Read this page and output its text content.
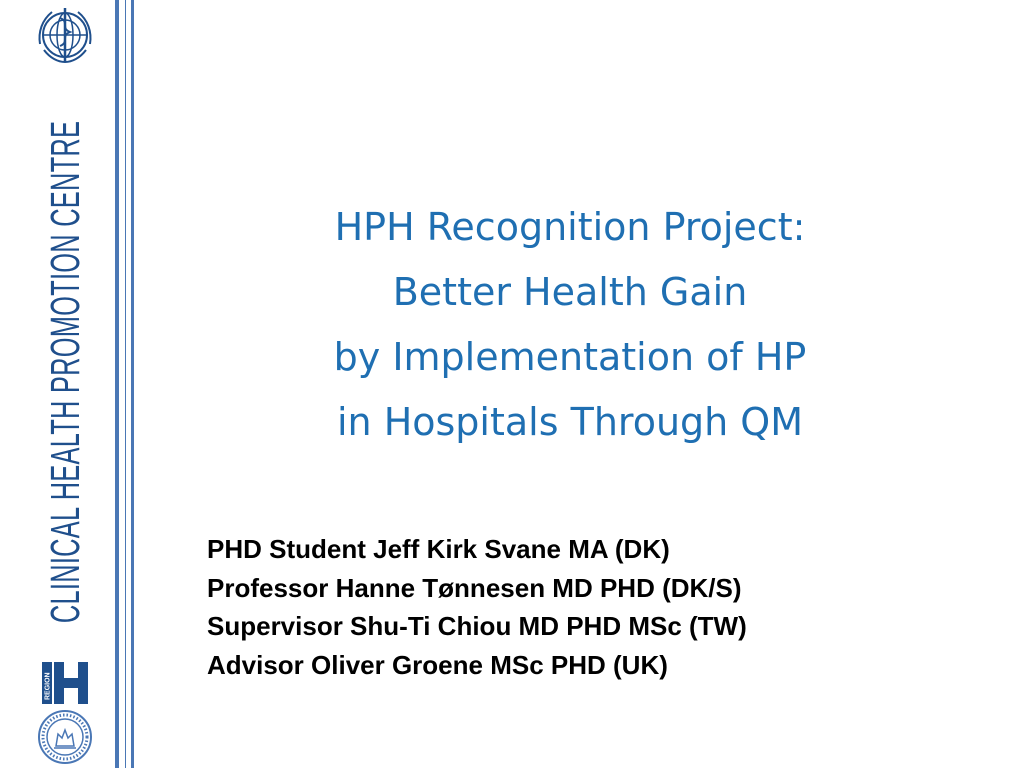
CLINICAL HEALTH PROMOTION CENTRE
REGION
HPH Recognition Project:
Better Health Gain
by Implementation of HP
in Hospitals Through QM
PHD Student Jeff Kirk Svane MA (DK)
Professor Hanne Tønnesen MD PHD (DK/S)
Supervisor Shu-Ti Chiou MD PHD MSc (TW)
Advisor Oliver Groene MSc PHD (UK)
